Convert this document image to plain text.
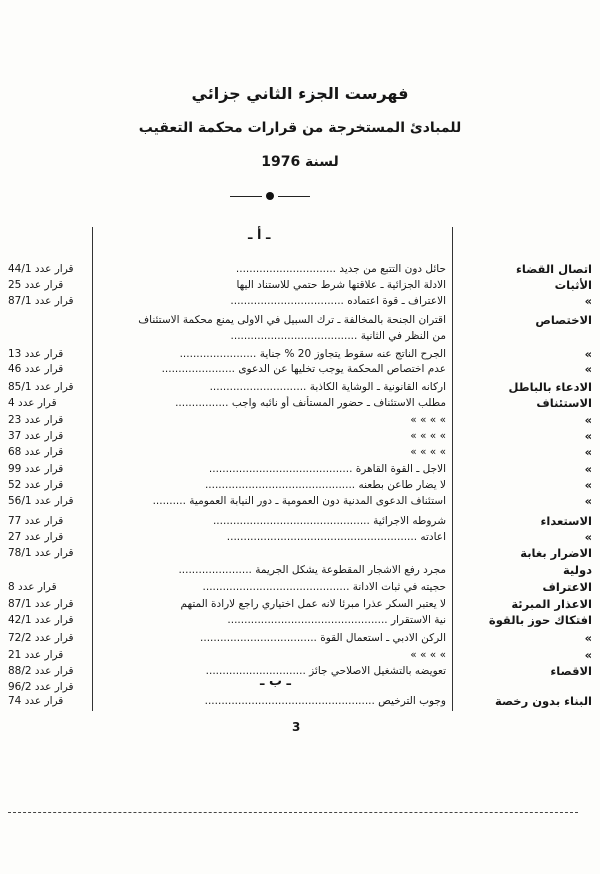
فهرست الجزء الثاني جزائي
للمبادئ المستخرجة من قرارات محكمة التعقيب
لسنة 1976
ـ أ ـ
ـ ب ـ
اتصال القضاء
حائل دون التتبع من جديد ..............................
قرار عدد 44/1
الأثبات
الادلة الجزائية ـ علاقتها شرط حتمي للاستناد اليها
قرار عدد 25
»
الاعتراف ـ قوة اعتماده ..................................
قرار عدد 87/1
الاختصاص
اقتران الجنحة بالمخالفة ـ ترك السبيل في الاولى يمنع محكمة الاستئناف
من النظر في الثانية ......................................
»
الجرح الناتج عنه سقوط يتجاوز 20 % جناية .......................
قرار عدد 13
»
عدم اختصاص المحكمة يوجب تخليها عن الدعوى ......................
قرار عدد 46
الادعاء بالباطل
اركانه القانونية ـ الوشاية الكاذبة .............................
قرار عدد 85/1
الاستئناف
مطلب الاستئناف ـ حضور المستأنف أو نائبه واجب ................
قرار عدد 4
»
» » » »
قرار عدد 23
»
» » » »
قرار عدد 37
»
» » » »
قرار عدد 68
»
الاجل ـ القوة القاهرة ...........................................
قرار عدد 99
»
لا يضار طاعن بطعنه .............................................
قرار عدد 52
»
استئناف الدعوى المدنية دون العمومية ـ دور النيابة العمومية ..........
قرار عدد 56/1
الاستعداء
شروطه الاجرائية ...............................................
قرار عدد 77
»
اعادته .........................................................
قرار عدد 27
الاضرار بغابة
قرار عدد 78/1
دولية
مجرد رفع الاشجار المقطوعة يشكل الجريمة ......................
الاعتراف
حجيته في ثبات الادانة ............................................
قرار عدد 8
الاعذار المبرئة
لا يعتبر السكر عذرا مبرئا لانه عمل اختياري راجع لارادة المتهم
قرار عدد 87/1
افتكاك حوز بالقوة
نية الاستقرار ................................................
قرار عدد 42/1
»
الركن الادبي ـ استعمال القوة ...................................
قرار عدد 72/2
»
» » » »
قرار عدد 21
الاقصاء
تعويضه بالتشغيل الاصلاحي جائز ..............................
قرار عدد 88/2
قرار عدد 96/2
البناء بدون رخصة
وجوب الترخيص ...................................................
قرار عدد 74
3
